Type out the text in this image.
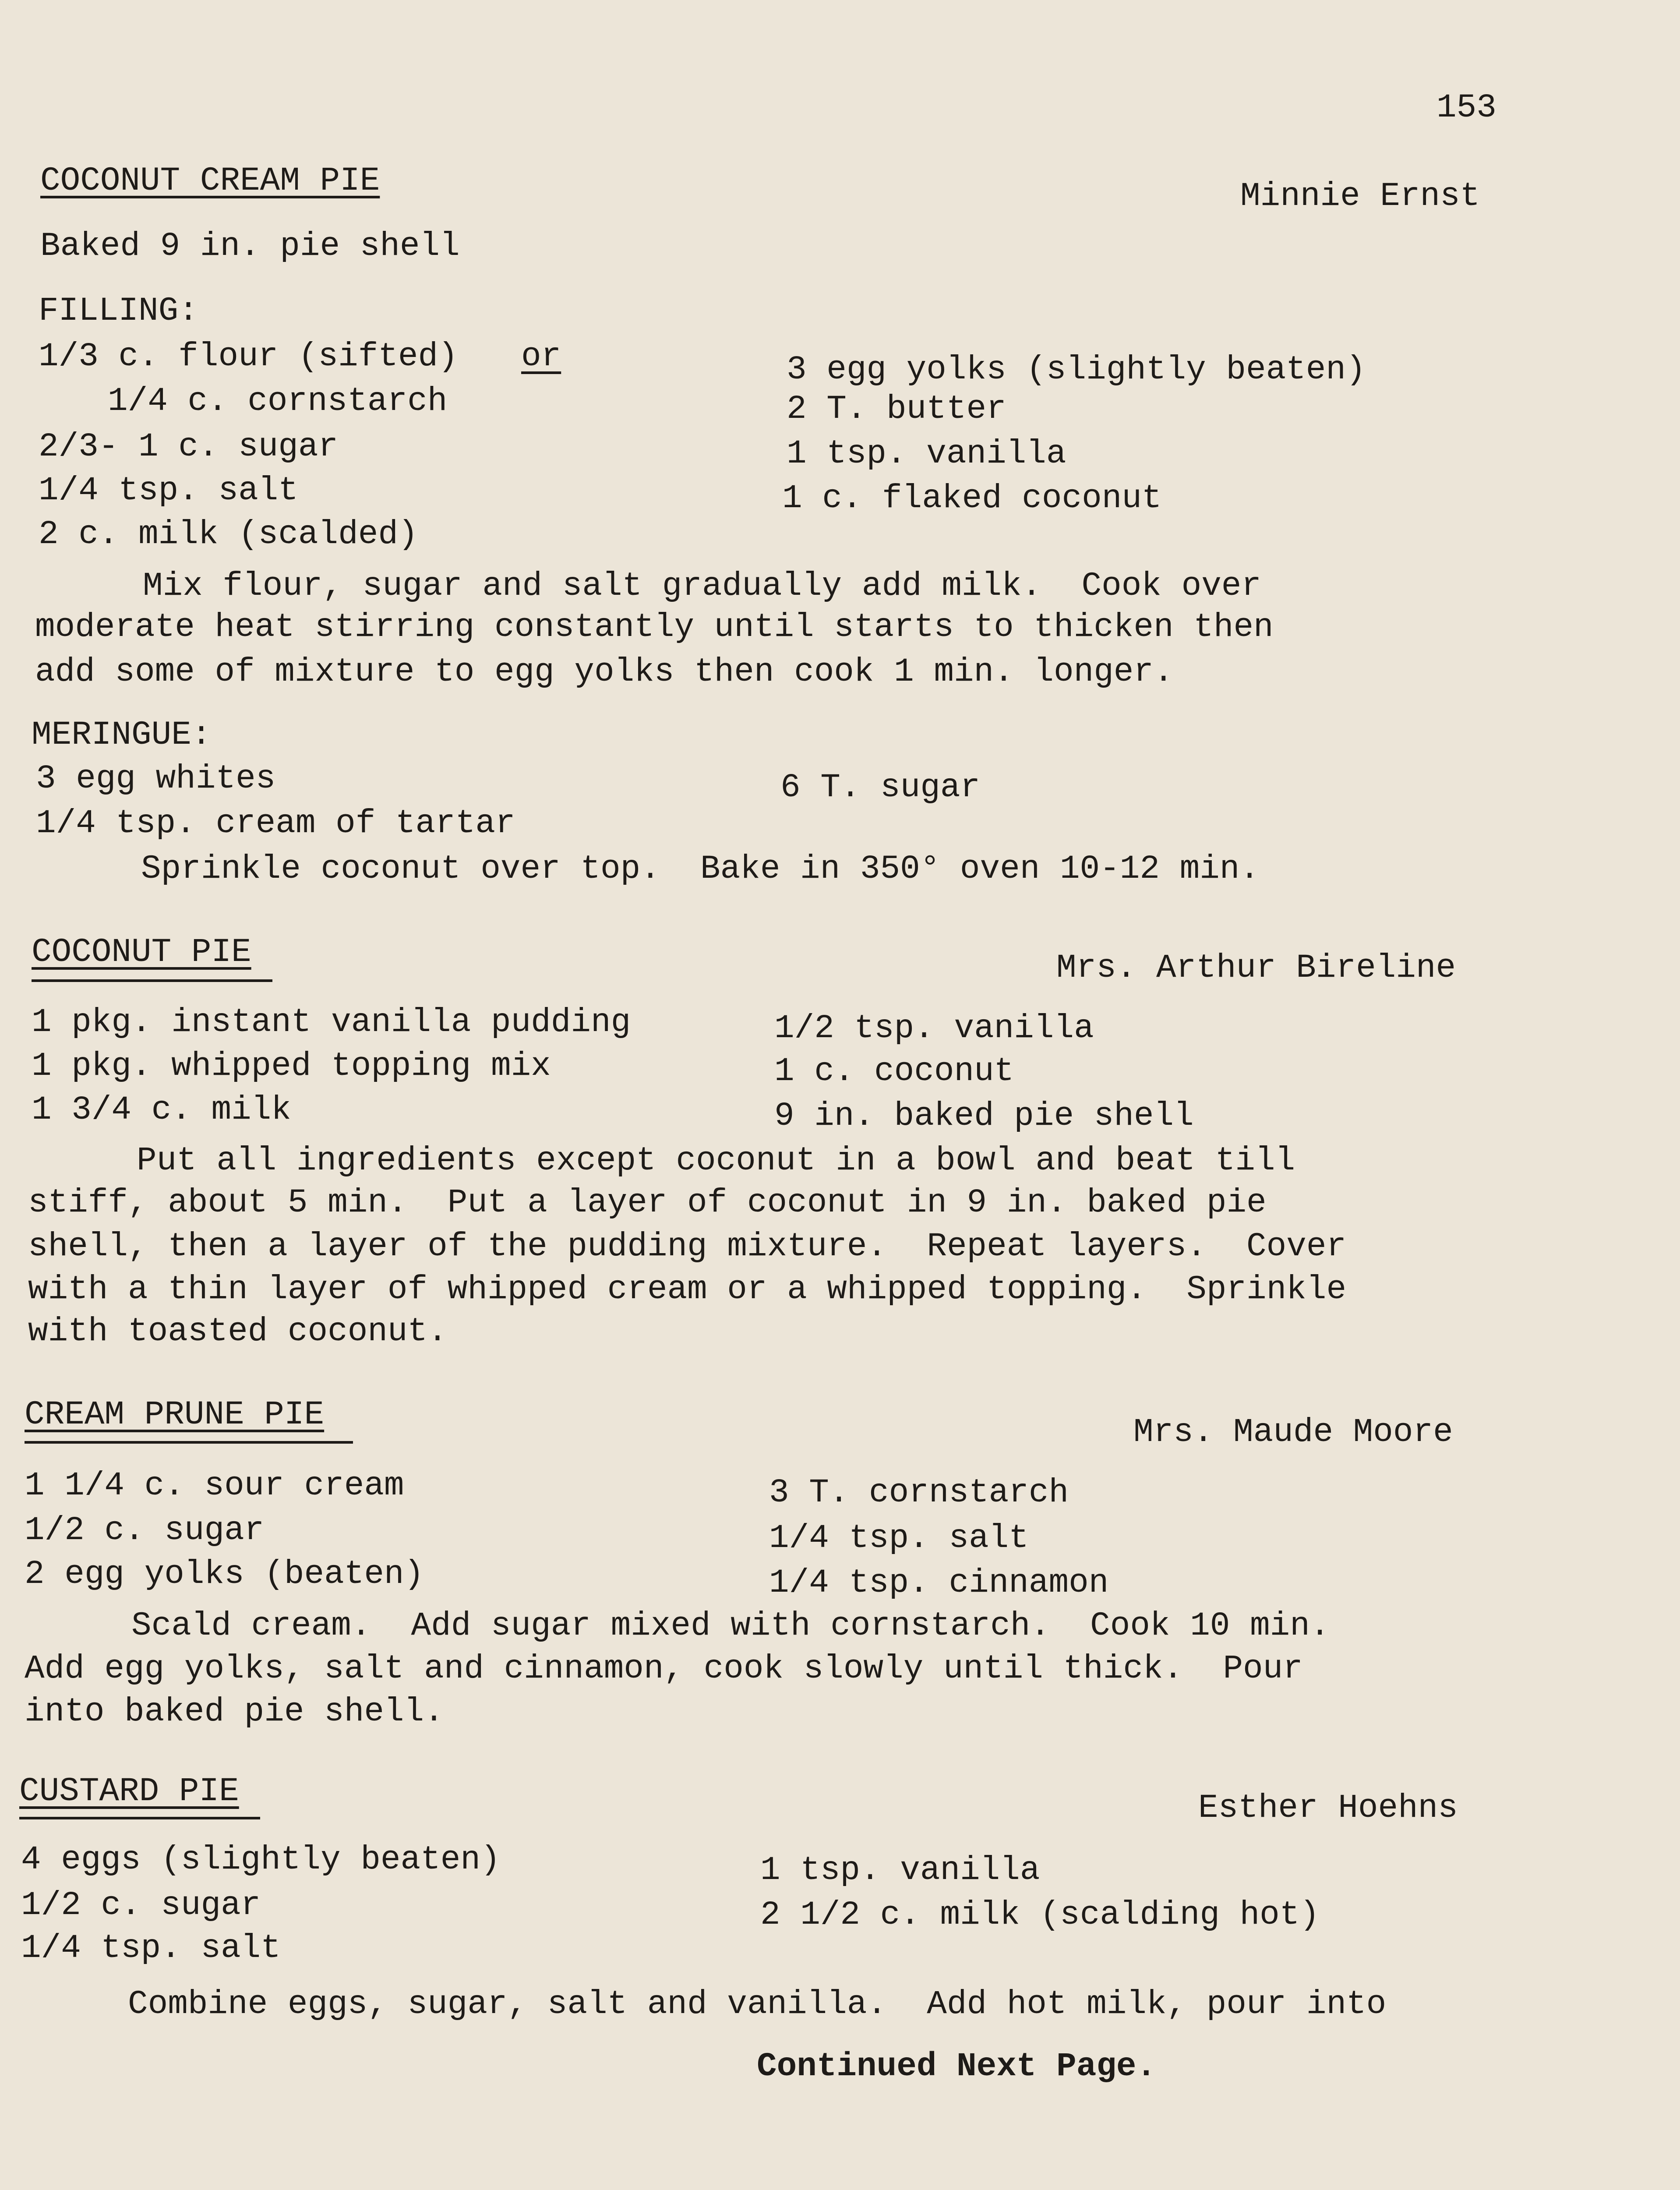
153
COCONUT CREAM PIE	Minnie Ernst
Baked 9 in. pie shell
FILLING:
1/3 c. flour (sifted) or
1/4 c. cornstarch
2/3- 1 c. sugar
1/4 tsp. salt
2 c. milk (scalded)
3 egg yolks (slightly beaten)
2 T. butter
1 tsp. vanilla
1 c. flaked coconut
Mix flour, sugar and salt gradually add milk.  Cook over
moderate heat stirring constantly until starts to thicken then
add some of mixture to egg yolks then cook 1 min. longer.
MERINGUE:
3 egg whites
1/4 tsp. cream of tartar
6 T. sugar
Sprinkle coconut over top.  Bake in 350° oven 10-12 min.
COCONUT PIE	Mrs. Arthur Bireline
1 pkg. instant vanilla pudding
1 pkg. whipped topping mix
1 3/4 c. milk
1/2 tsp. vanilla
1 c. coconut
9 in. baked pie shell
Put all ingredients except coconut in a bowl and beat till
stiff, about 5 min.  Put a layer of coconut in 9 in. baked pie
shell, then a layer of the pudding mixture.  Repeat layers.  Cover
with a thin layer of whipped cream or a whipped topping.  Sprinkle
with toasted coconut.
CREAM PRUNE PIE	Mrs. Maude Moore
1 1/4 c. sour cream
1/2 c. sugar
2 egg yolks (beaten)
3 T. cornstarch
1/4 tsp. salt
1/4 tsp. cinnamon
Scald cream.  Add sugar mixed with cornstarch.  Cook 10 min.
Add egg yolks, salt and cinnamon, cook slowly until thick.  Pour
into baked pie shell.
CUSTARD PIE	Esther Hoehns
4 eggs (slightly beaten)
1/2 c. sugar
1/4 tsp. salt
1 tsp. vanilla
2 1/2 c. milk (scalding hot)
Combine eggs, sugar, salt and vanilla.  Add hot milk, pour into
Continued Next Page.
